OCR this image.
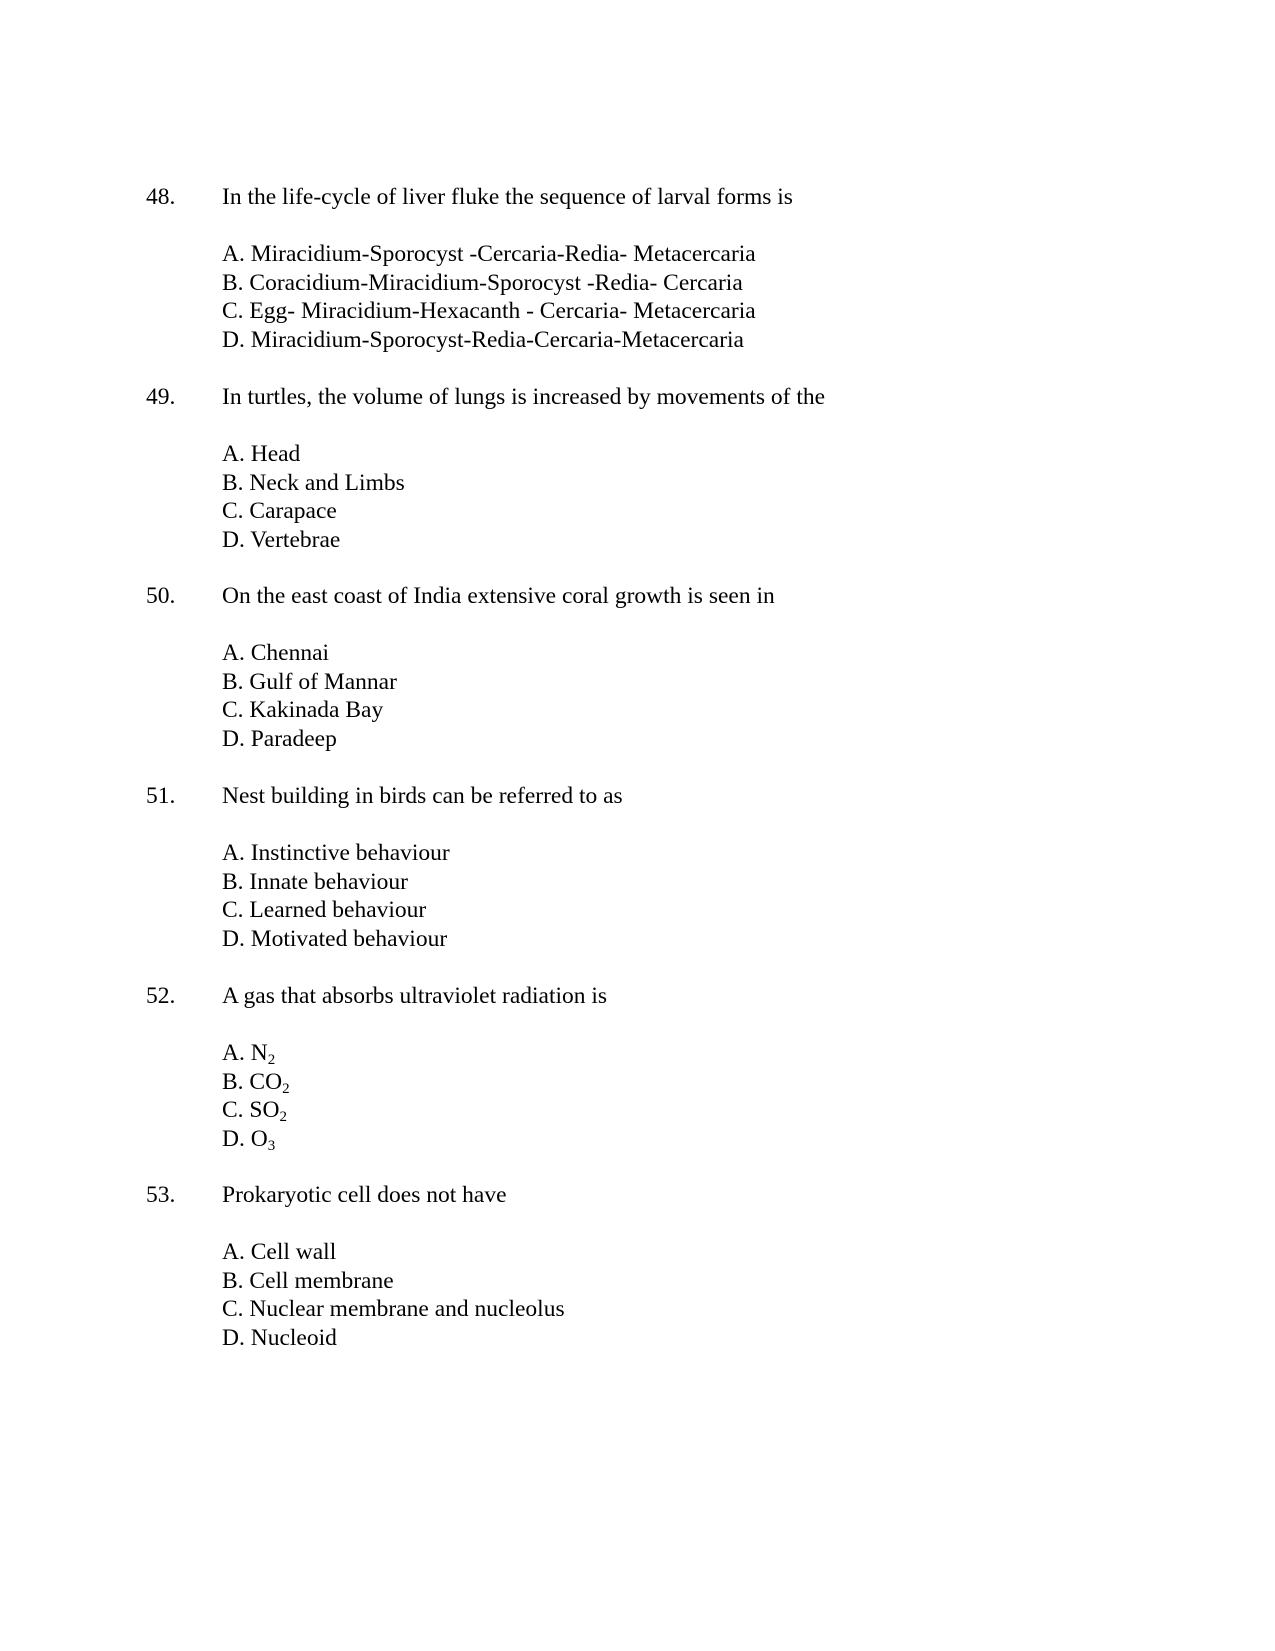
48. In the life-cycle of liver fluke the sequence of larval forms is
A. Miracidium-Sporocyst -Cercaria-Redia- Metacercaria
B. Coracidium-Miracidium-Sporocyst -Redia- Cercaria
C. Egg- Miracidium-Hexacanth - Cercaria- Metacercaria
D. Miracidium-Sporocyst-Redia-Cercaria-Metacercaria
49. In turtles, the volume of lungs is increased by movements of the
A. Head
B. Neck and Limbs
C. Carapace
D. Vertebrae
50. On the east coast of India extensive coral growth is seen in
A. Chennai
B. Gulf of Mannar
C. Kakinada Bay
D. Paradeep
51. Nest building in birds can be referred to as
A. Instinctive behaviour
B. Innate behaviour
C. Learned behaviour
D. Motivated behaviour
52. A gas that absorbs ultraviolet radiation is
A. $N_2$
B. $CO_2$
C. $SO_2$
D. $O_3$
53. Prokaryotic cell does not have
A. Cell wall
B. Cell membrane
C. Nuclear membrane and nucleolus
D. Nucleoid
